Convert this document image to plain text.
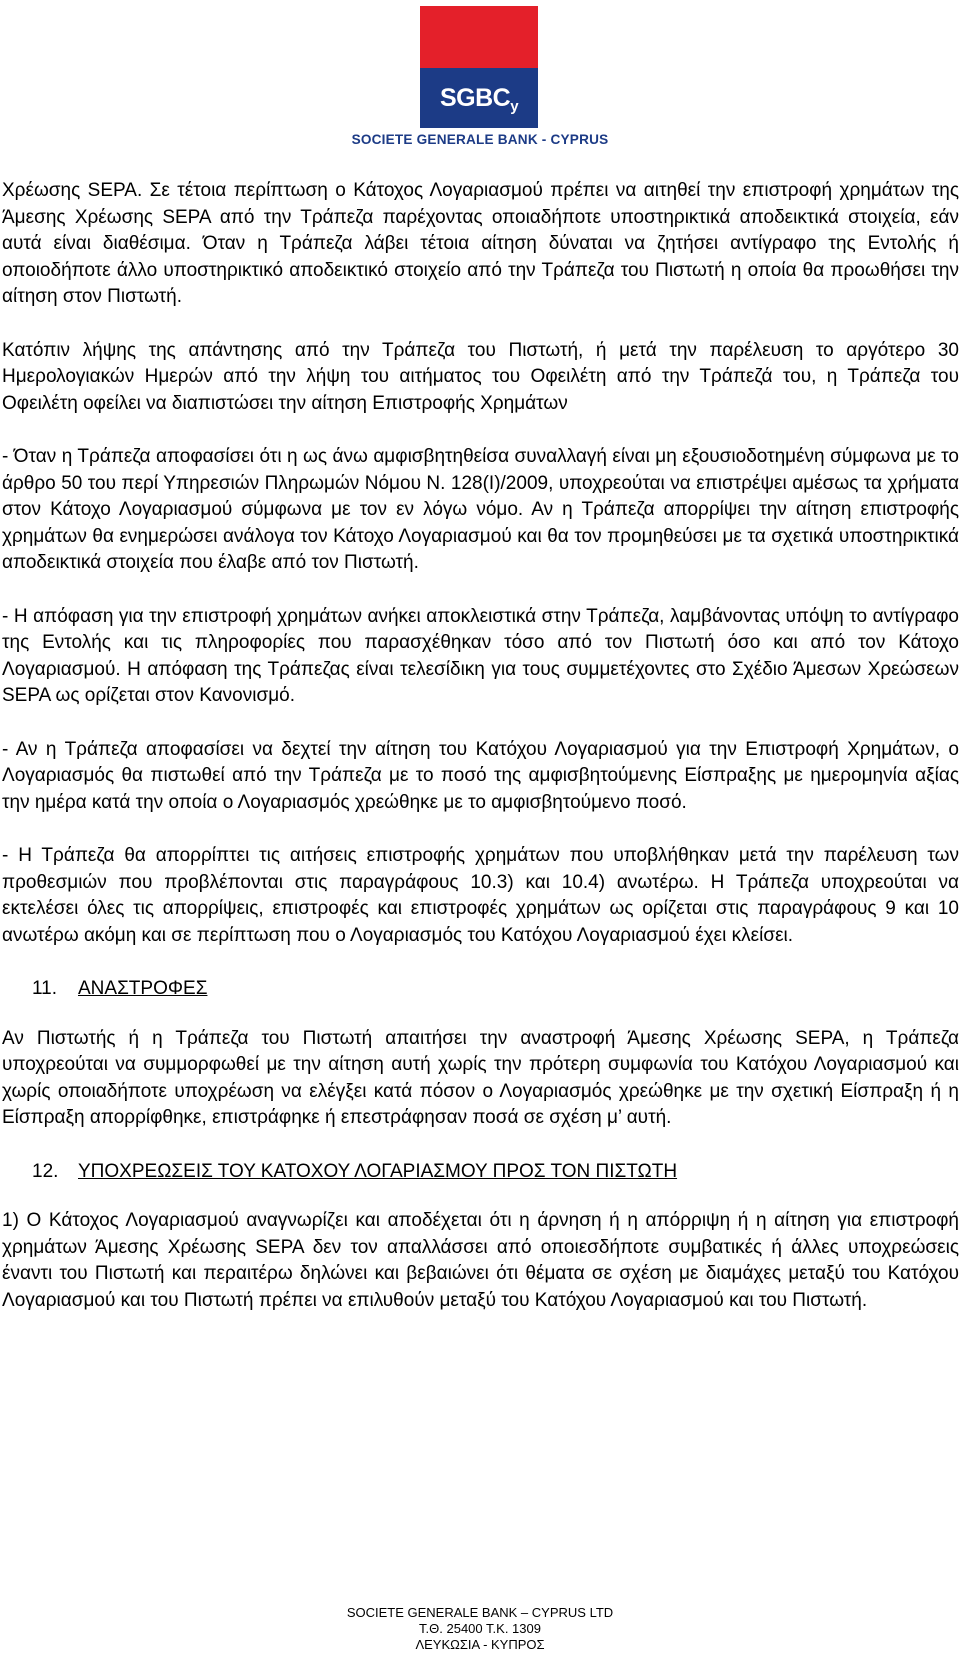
$SGBC_y$
SOCIETE GENERALE BANK - CYPRUS

Χρέωσης SEPA. Σε τέτοια περίπτωση ο Κάτοχος Λογαριασμού πρέπει να αιτηθεί την επιστροφή χρημάτων της Άμεσης Χρέωσης SEPA από την Τράπεζα παρέχοντας οποιαδήποτε υποστηρικτικά αποδεικτικά στοιχεία, εάν αυτά είναι διαθέσιμα. Όταν η Τράπεζα λάβει τέτοια αίτηση δύναται να ζητήσει αντίγραφο της Εντολής ή οποιοδήποτε άλλο υποστηρικτικό αποδεικτικό στοιχείο από την Τράπεζα του Πιστωτή η οποία θα προωθήσει την αίτηση στον Πιστωτή.

Κατόπιν λήψης της απάντησης από την Τράπεζα του Πιστωτή, ή μετά την παρέλευση το αργότερο 30 Ημερολογιακών Ημερών από την λήψη του αιτήματος του Οφειλέτη από την Τράπεζά του, η Τράπεζα του Οφειλέτη οφείλει να διαπιστώσει την αίτηση Επιστροφής Χρημάτων

- Όταν η Τράπεζα αποφασίσει ότι η ως άνω αμφισβητηθείσα συναλλαγή είναι μη εξουσιοδοτημένη σύμφωνα με το άρθρο 50 του περί Υπηρεσιών Πληρωμών Νόμου Ν. 128(I)/2009, υποχρεούται να επιστρέψει αμέσως τα χρήματα στον Κάτοχο Λογαριασμού σύμφωνα με τον εν λόγω νόμο. Αν η Τράπεζα απορρίψει την αίτηση επιστροφής χρημάτων θα ενημερώσει ανάλογα τον Κάτοχο Λογαριασμού και θα τον προμηθεύσει με τα σχετικά υποστηρικτικά αποδεικτικά στοιχεία που έλαβε από τον Πιστωτή.

- Η απόφαση για την επιστροφή χρημάτων ανήκει αποκλειστικά στην Τράπεζα, λαμβάνοντας υπόψη το αντίγραφο της Εντολής και τις πληροφορίες που παρασχέθηκαν τόσο από τον Πιστωτή όσο και από τον Κάτοχο Λογαριασμού. Η απόφαση της Τράπεζας είναι τελεσίδικη για τους συμμετέχοντες στο Σχέδιο Άμεσων Χρεώσεων SEPA ως ορίζεται στον Κανονισμό.

- Αν η Τράπεζα αποφασίσει να δεχτεί την αίτηση του Κατόχου Λογαριασμού για την Επιστροφή Χρημάτων, ο Λογαριασμός θα πιστωθεί από την Τράπεζα με το ποσό της αμφισβητούμενης Είσπραξης με ημερομηνία αξίας την ημέρα κατά την οποία ο Λογαριασμός χρεώθηκε με το αμφισβητούμενο ποσό.

- Η Τράπεζα θα απορρίπτει τις αιτήσεις επιστροφής χρημάτων που υποβλήθηκαν μετά την παρέλευση των προθεσμιών που προβλέπονται στις παραγράφους 10.3) και 10.4) ανωτέρω. Η Τράπεζα υποχρεούται να εκτελέσει όλες τις απορρίψεις, επιστροφές και επιστροφές χρημάτων ως ορίζεται στις παραγράφους 9 και 10 ανωτέρω ακόμη και σε περίπτωση που ο Λογαριασμός του Κατόχου Λογαριασμού έχει κλείσει.

11. ΑΝΑΣΤΡΟΦΕΣ

Αν Πιστωτής ή η Τράπεζα του Πιστωτή απαιτήσει την αναστροφή Άμεσης Χρέωσης SEPA, η Τράπεζα υποχρεούται να συμμορφωθεί με την αίτηση αυτή χωρίς την πρότερη συμφωνία του Κατόχου Λογαριασμού και χωρίς οποιαδήποτε υποχρέωση να ελέγξει κατά πόσον ο Λογαριασμός χρεώθηκε με την σχετική Είσπραξη ή η Είσπραξη απορρίφθηκε, επιστράφηκε ή επεστράφησαν ποσά σε σχέση μ’ αυτή.

12. ΥΠΟΧΡΕΩΣΕΙΣ ΤΟΥ ΚΑΤΟΧΟΥ ΛΟΓΑΡΙΑΣΜΟΥ ΠΡΟΣ ΤΟΝ ΠΙΣΤΩΤΗ

1) Ο Κάτοχος Λογαριασμού αναγνωρίζει και αποδέχεται ότι η άρνηση ή η απόρριψη ή η αίτηση για επιστροφή χρημάτων Άμεσης Χρέωσης SEPA δεν τον απαλλάσσει από οποιεσδήποτε συμβατικές ή άλλες υποχρεώσεις έναντι του Πιστωτή και περαιτέρω δηλώνει και βεβαιώνει ότι θέματα σε σχέση με διαμάχες μεταξύ του Κατόχου Λογαριασμού και του Πιστωτή πρέπει να επιλυθούν μεταξύ του Κατόχου Λογαριασμού και του Πιστωτή.

SOCIETE GENERALE BANK – CYPRUS LTD
Τ.Θ. 25400 Τ.Κ. 1309
ΛΕΥΚΩΣΙΑ - ΚΥΠΡΟΣ
